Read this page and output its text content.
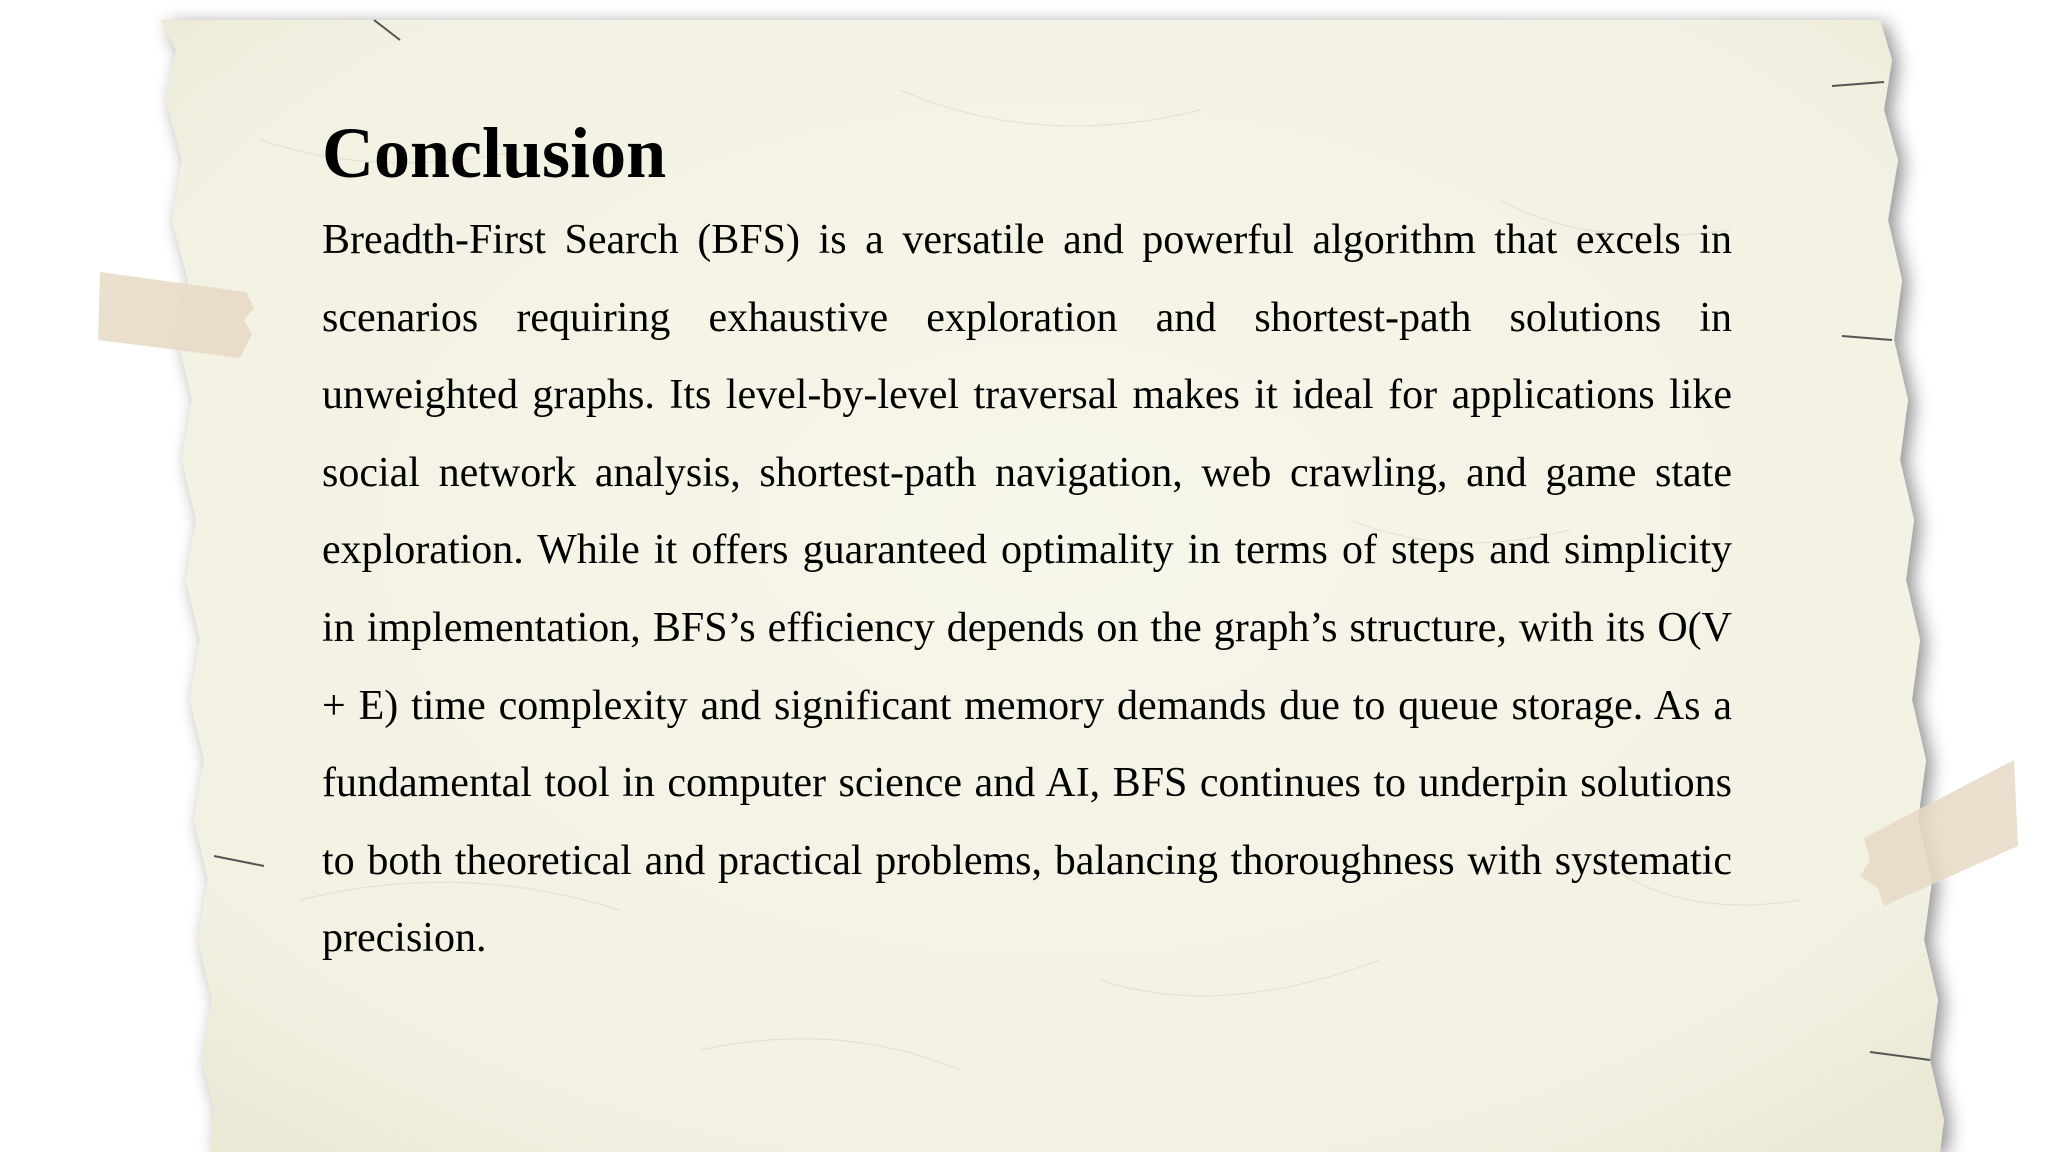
Conclusion

Breadth-First Search (BFS) is a versatile and powerful algorithm that excels in scenarios requiring exhaustive exploration and shortest-path solutions in unweighted graphs. Its level-by-level traversal makes it ideal for applications like social network analysis, shortest-path navigation, web crawling, and game state exploration. While it offers guaranteed optimality in terms of steps and simplicity in implementation, BFS’s efficiency depends on the graph’s structure, with its O(V + E) time complexity and significant memory demands due to queue storage. As a fundamental tool in computer science and AI, BFS continues to underpin solutions to both theoretical and practical problems, balancing thoroughness with systematic precision.
